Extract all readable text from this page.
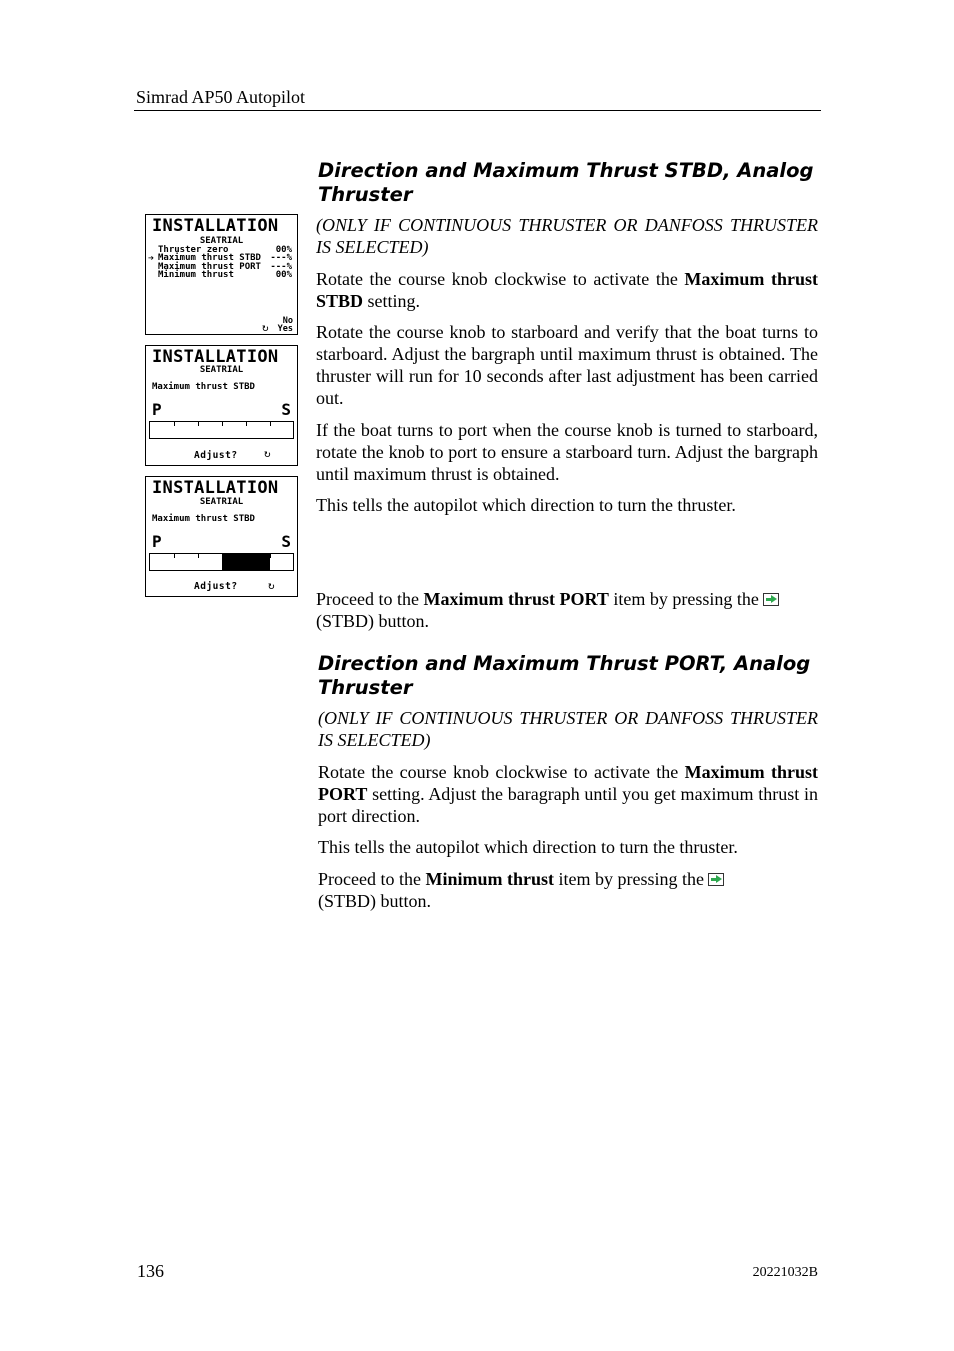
Simrad AP50 Autopilot
Direction and Maximum Thrust STBD, Analog
Thruster
(ONLY IF CONTINUOUS THRUSTER OR DANFOSS THRUSTER IS SELECTED)
Rotate the course knob clockwise to activate the Maximum thrust STBD setting.
Rotate the course knob to starboard and verify that the boat turns to starboard. Adjust the bargraph until maximum thrust is obtained. The thruster will run for 10 seconds after last adjustment has been carried out.
If the boat turns to port when the course knob is turned to starboard, rotate the knob to port to ensure a starboard turn. Adjust the bargraph until maximum thrust is obtained.
This tells the autopilot which direction to turn the thruster.
Proceed to the Maximum thrust PORT item by pressing the
(STBD) button.
Direction and Maximum Thrust PORT, Analog
Thruster
(ONLY IF CONTINUOUS THRUSTER OR DANFOSS THRUSTER IS SELECTED)
Rotate the course knob clockwise to activate the Maximum thrust PORT setting. Adjust the baragraph until you get maximum thrust in port direction.
This tells the autopilot which direction to turn the thruster.
Proceed to the Minimum thrust item by pressing the
(STBD) button.
INSTALLATION
SEATRIAL
Thruster zero	00%
➔ Maximum thrust STBD ---%
Maximum thrust PORT ---%
Minimum thrust	00%
↻	No
Yes
INSTALLATION
SEATRIAL
Maximum thrust STBD
P	S
Adjust? ↻
INSTALLATION
SEATRIAL
Maximum thrust STBD
P	S
Adjust?	↻
136	20221032B
